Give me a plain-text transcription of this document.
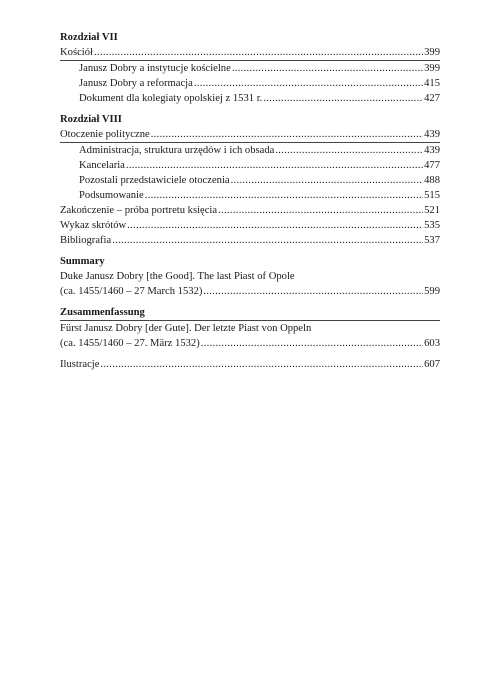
Rozdział VII
Kościół .....	399
Janusz Dobry a instytucje kościelne .....	399
Janusz Dobry a reformacja .....	415
Dokument dla kolegiaty opolskiej z 1531 r. .....	427
Rozdział VIII
Otoczenie polityczne .....	439
Administracja, struktura urzędów i ich obsada .....	439
Kancelaria .....	477
Pozostali przedstawiciele otoczenia .....	488
Podsumowanie .....	515
Zakończenie – próba portretu księcia .....	521
Wykaz skrótów .....	535
Bibliografia .....	537
Summary
Duke Janusz Dobry [the Good]. The last Piast of Opole
(ca. 1455/1460 – 27 March 1532) .....	599
Zusammenfassung
Fürst Janusz Dobry [der Gute]. Der letzte Piast von Oppeln
(ca. 1455/1460 – 27. März 1532) .....	603
Ilustracje .....	607
